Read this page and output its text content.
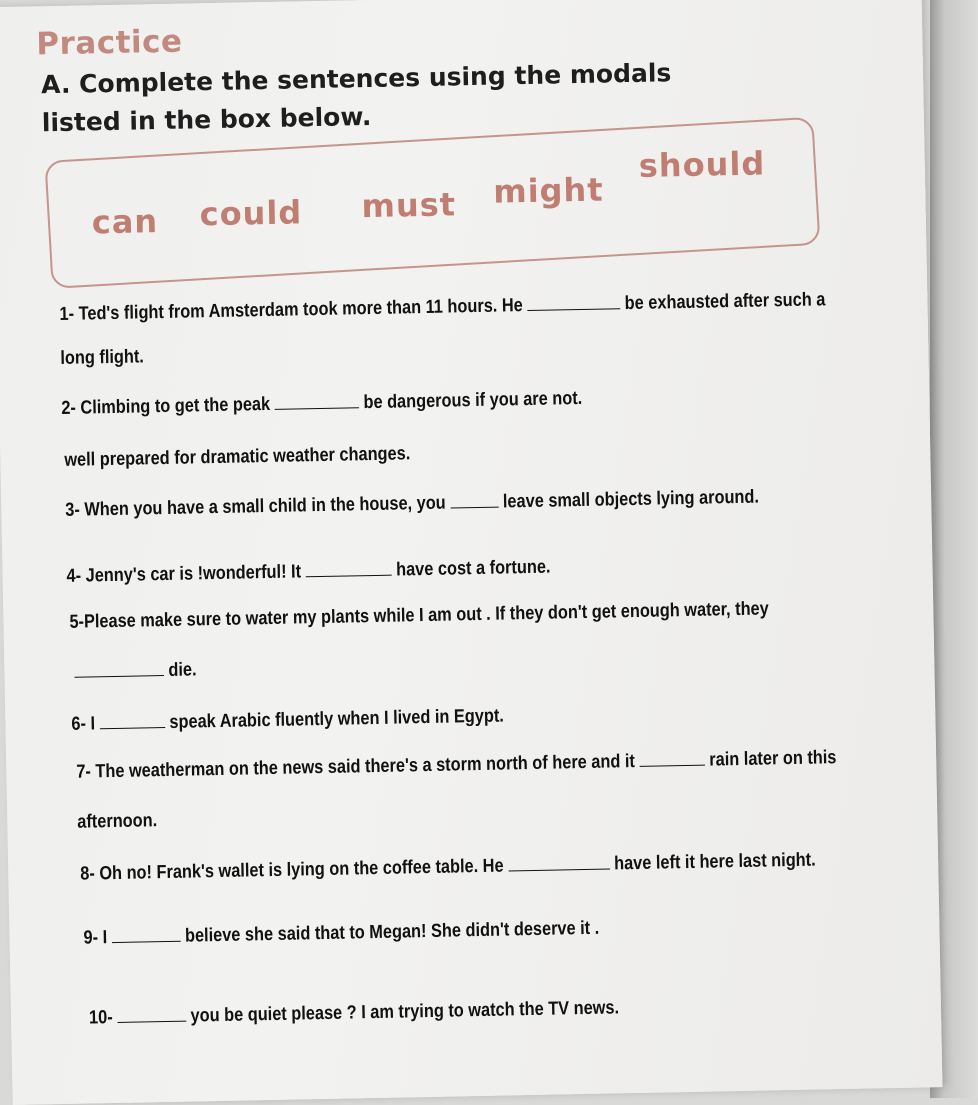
Practice
A. Complete the sentences using the modals listed in the box below.
can could must might
should
1- Ted's flight from Amsterdam took more than 11 hours. He	be exhausted after such a
long flight.
2- Climbing to get the peak	be dangerous if you are not.
well prepared for dramatic weather changes.
3- When you have a small child in the house, you	leave small objects lying around.
4- Jenny's car is !wonderful! It	have cost a fortune.
5-Please make sure to water my plants while I am out . If they don't get enough water, they
die.
6- I	speak Arabic fluently when I lived in Egypt.
7- The weatherman on the news said there's a storm north of here and it	rain later on this
afternoon.
8- Oh no! Frank's wallet is lying on the coffee table. He	have left it here last night.
9- I	believe she said that to Megan! She didn't deserve it .
10-	you be quiet please ? I am trying to watch the TV news.
